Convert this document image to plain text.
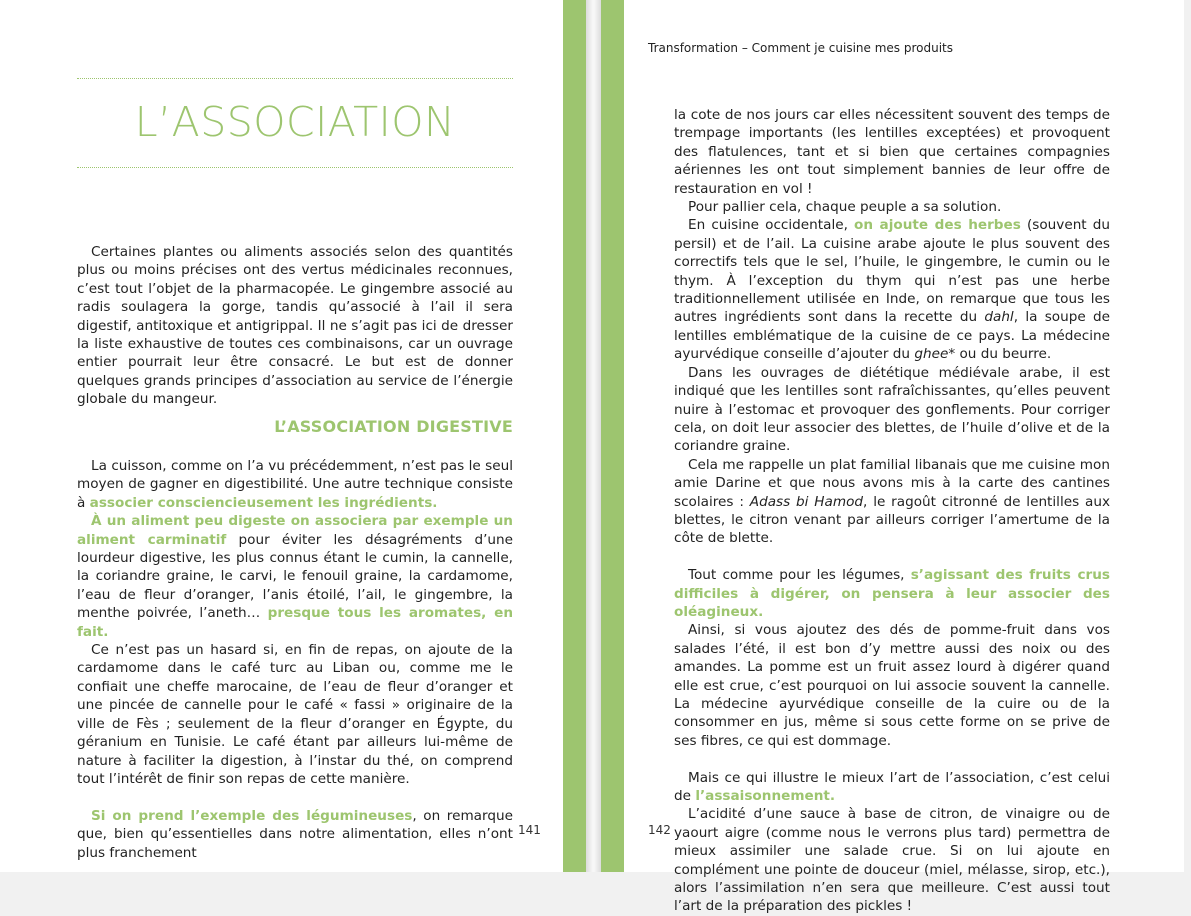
L’ASSOCIATION

Certaines plantes ou aliments associés selon des quantités plus ou moins précises ont des vertus médicinales reconnues, c’est tout l’objet de la pharmacopée. Le gingembre associé au radis soulagera la gorge, tandis qu’associé à l’ail il sera digestif, antitoxique et antigrippal. Il ne s’agit pas ici de dresser la liste exhaustive de toutes ces combinaisons, car un ouvrage entier pourrait leur être consacré. Le but est de donner quelques grands principes d’association au service de l’énergie globale du mangeur.

L’ASSOCIATION DIGESTIVE

La cuisson, comme on l’a vu précédemment, n’est pas le seul moyen de gagner en digestibilité. Une autre technique consiste à associer consciencieusement les ingrédients.

À un aliment peu digeste on associera par exemple un aliment carminatif pour éviter les désagréments d’une lourdeur digestive, les plus connus étant le cumin, la cannelle, la coriandre graine, le carvi, le fenouil graine, la cardamome, l’eau de fleur d’oranger, l’anis étoilé, l’ail, le gingembre, la menthe poivrée, l’aneth… presque tous les aromates, en fait.

Ce n’est pas un hasard si, en fin de repas, on ajoute de la cardamome dans le café turc au Liban ou, comme me le confiait une cheffe marocaine, de l’eau de fleur d’oranger et une pincée de cannelle pour le café « fassi » originaire de la ville de Fès ; seulement de la fleur d’oranger en Égypte, du géranium en Tunisie. Le café étant par ailleurs lui-même de nature à faciliter la digestion, à l’instar du thé, on comprend tout l’intérêt de finir son repas de cette manière.

Si on prend l’exemple des légumineuses, on remarque que, bien qu’essentielles dans notre alimentation, elles n’ont plus franchement

141
Transformation – Comment je cuisine mes produits

la cote de nos jours car elles nécessitent souvent des temps de trempage importants (les lentilles exceptées) et provoquent des flatulences, tant et si bien que certaines compagnies aériennes les ont tout simplement bannies de leur offre de restauration en vol !

Pour pallier cela, chaque peuple a sa solution.

En cuisine occidentale, on ajoute des herbes (souvent du persil) et de l’ail. La cuisine arabe ajoute le plus souvent des correctifs tels que le sel, l’huile, le gingembre, le cumin ou le thym. À l’exception du thym qui n’est pas une herbe traditionnellement utilisée en Inde, on remarque que tous les autres ingrédients sont dans la recette du dahl, la soupe de lentilles emblématique de la cuisine de ce pays. La médecine ayurvédique conseille d’ajouter du ghee* ou du beurre.

Dans les ouvrages de diététique médiévale arabe, il est indiqué que les lentilles sont rafraîchissantes, qu’elles peuvent nuire à l’estomac et provoquer des gonflements. Pour corriger cela, on doit leur associer des blettes, de l’huile d’olive et de la coriandre graine.

Cela me rappelle un plat familial libanais que me cuisine mon amie Darine et que nous avons mis à la carte des cantines scolaires : Adass bi Hamod, le ragoût citronné de lentilles aux blettes, le citron venant par ailleurs corriger l’amertume de la côte de blette.

Tout comme pour les légumes, s’agissant des fruits crus difficiles à digérer, on pensera à leur associer des oléagineux.

Ainsi, si vous ajoutez des dés de pomme-fruit dans vos salades l’été, il est bon d’y mettre aussi des noix ou des amandes. La pomme est un fruit assez lourd à digérer quand elle est crue, c’est pourquoi on lui associe souvent la cannelle. La médecine ayurvédique conseille de la cuire ou de la consommer en jus, même si sous cette forme on se prive de ses fibres, ce qui est dommage.

Mais ce qui illustre le mieux l’art de l’association, c’est celui de l’assaisonnement.

L’acidité d’une sauce à base de citron, de vinaigre ou de yaourt aigre (comme nous le verrons plus tard) permettra de mieux assimiler une salade crue. Si on lui ajoute en complément une pointe de douceur (miel, mélasse, sirop, etc.), alors l’assimilation n’en sera que meilleure. C’est aussi tout l’art de la préparation des pickles !

142
